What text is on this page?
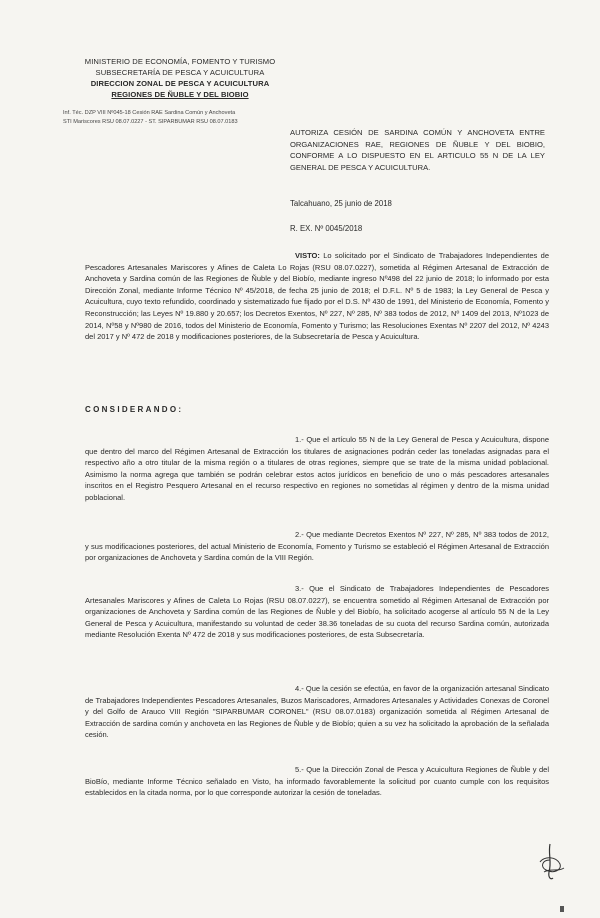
MINISTERIO DE ECONOMÍA, FOMENTO Y TURISMO
SUBSECRETARÍA DE PESCA Y ACUICULTURA
DIRECCION ZONAL DE PESCA Y ACUICULTURA
REGIONES DE ÑUBLE Y DEL BIOBIO
Inf. Téc. DZP VIII Nº045-18 Cesión RAE Sardina Común y Anchoveta
STI Mariscores RSU 08.07.0227 - ST. SIPARBUMAR RSU 08.07.0183
AUTORIZA CESIÓN DE SARDINA COMÚN Y ANCHOVETA ENTRE ORGANIZACIONES RAE, REGIONES DE ÑUBLE Y DEL BIOBIO, CONFORME A LO DISPUESTO EN EL ARTICULO 55 N DE LA LEY GENERAL DE PESCA Y ACUICULTURA.
Talcahuano, 25 junio de 2018
R. EX. Nº 0045/2018
VISTO: Lo solicitado por el Sindicato de Trabajadores Independientes de Pescadores Artesanales Mariscores y Afines de Caleta Lo Rojas (RSU 08.07.0227), sometida al Régimen Artesanal de Extracción de Anchoveta y Sardina común de las Regiones de Ñuble y del Biobío, mediante ingreso Nº498 del 22 junio de 2018; lo informado por esta Dirección Zonal, mediante Informe Técnico Nº 45/2018, de fecha 25 junio de 2018; el D.F.L. Nº 5 de 1983; la Ley General de Pesca y Acuicultura, cuyo texto refundido, coordinado y sistematizado fue fijado por el D.S. Nº 430 de 1991, del Ministerio de Economía, Fomento y Reconstrucción; las Leyes Nº 19.880 y 20.657; los Decretos Exentos, Nº 227, Nº 285, Nº 383 todos de 2012, Nº 1409 del 2013, Nº1023 de 2014, Nº58 y Nº980 de 2016, todos del Ministerio de Economía, Fomento y Turismo; las Resoluciones Exentas Nº 2207 del 2012, Nº 4243 del 2017 y Nº 472 de 2018 y modificaciones posteriores, de la Subsecretaría de Pesca y Acuicultura.
CONSIDERANDO:
1.- Que el artículo 55 N de la Ley General de Pesca y Acuicultura, dispone que dentro del marco del Régimen Artesanal de Extracción los titulares de asignaciones podrán ceder las toneladas asignadas para el respectivo año a otro titular de la misma región o a titulares de otras regiones, siempre que se trate de la misma unidad poblacional. Asimismo la norma agrega que también se podrán celebrar estos actos jurídicos en beneficio de uno o más pescadores artesanales inscritos en el Registro Pesquero Artesanal en el recurso respectivo en regiones no sometidas al régimen y dentro de la misma unidad poblacional.
2.- Que mediante Decretos Exentos Nº 227, Nº 285, Nº 383 todos de 2012, y sus modificaciones posteriores, del actual Ministerio de Economía, Fomento y Turismo se estableció el Régimen Artesanal de Extracción por organizaciones de Anchoveta y Sardina común de la VIII Región.
3.- Que el Sindicato de Trabajadores Independientes de Pescadores Artesanales Mariscores y Afines de Caleta Lo Rojas (RSU 08.07.0227), se encuentra sometido al Régimen Artesanal de Extracción por organizaciones de Anchoveta y Sardina común de las Regiones de Ñuble y del Biobío, ha solicitado acogerse al artículo 55 N de la Ley General de Pesca y Acuicultura, manifestando su voluntad de ceder 38.36 toneladas de su cuota del recurso Sardina común, autorizada mediante Resolución Exenta Nº 472 de 2018 y sus modificaciones posteriores, de esta Subsecretaría.
4.- Que la cesión se efectúa, en favor de la organización artesanal Sindicato de Trabajadores Independientes Pescadores Artesanales, Buzos Mariscadores, Armadores Artesanales y Actividades Conexas de Coronel y del Golfo de Arauco VIII Región "SIPARBUMAR CORONEL" (RSU 08.07.0183) organización sometida al Régimen Artesanal de Extracción de sardina común y anchoveta en las Regiones de Ñuble y de Biobío; quien a su vez ha solicitado la aprobación de la señalada cesión.
5.- Que la Dirección Zonal de Pesca y Acuicultura Regiones de Ñuble y del BioBío, mediante Informe Técnico señalado en Visto, ha informado favorablemente la solicitud por cuanto cumple con los requisitos establecidos en la citada norma, por lo que corresponde autorizar la cesión de toneladas.
